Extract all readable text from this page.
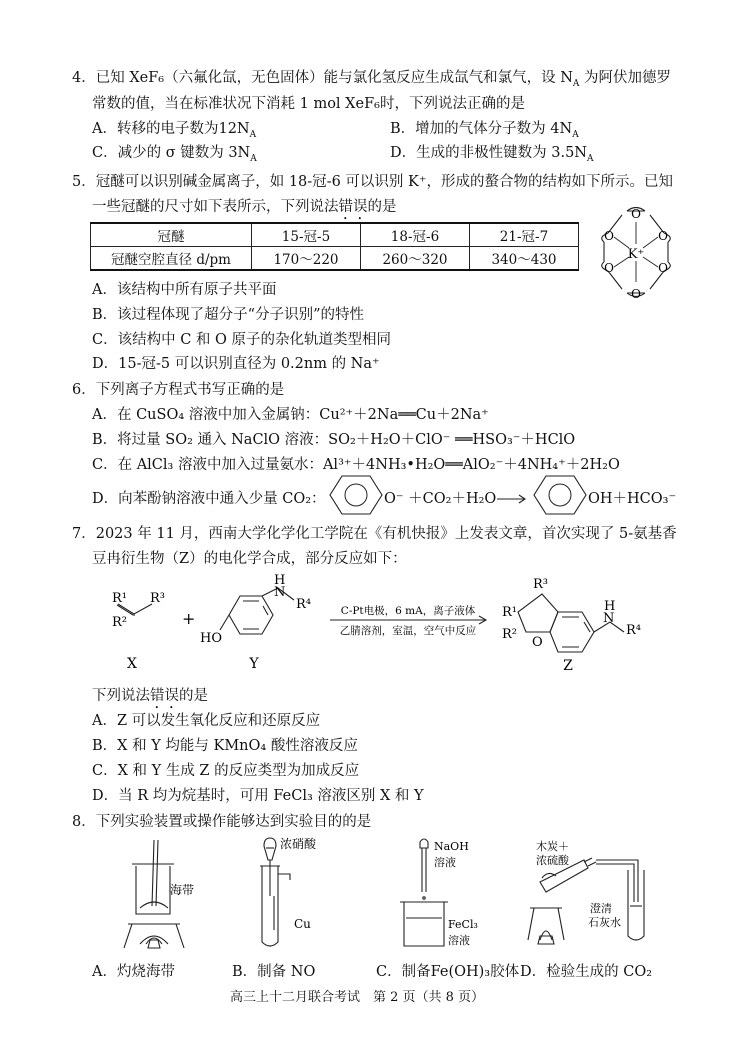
4．已知 XeF₆（六氟化氙，无色固体）能与氯化氢反应生成氙气和氯气，设 $N_A$ 为阿伏加德罗
常数的值，当在标准状况下消耗 1 mol XeF₆时，下列说法正确的是
A．转移的电子数为$12N_A$	B．增加的气体分子数为 $4N_A$
C．减少的 σ 键数为 $3N_A$	D．生成的非极性键数为 $3.5N_A$
5．冠醚可以识别碱金属离子，如 18-冠-6 可以识别 K⁺，形成的螯合物的结构如下所示。已知
一些冠醚的尺寸如下表所示，下列说法错误的是
冠醚	15-冠-5	18-冠-6	21-冠-7
冠醚空腔直径 d/pm	170～220	260～320	340～430
O
O
O
O
O
O
K⁺
A．该结构中所有原子共平面
B．该过程体现了超分子“分子识别”的特性
C．该结构中 C 和 O 原子的杂化轨道类型相同
D．15-冠-5 可以识别直径为 0.2nm 的 Na⁺
6．下列离子方程式书写正确的是
A．在 CuSO₄ 溶液中加入金属钠：Cu²⁺＋2Na══Cu＋2Na⁺
B．将过量 SO₂ 通入 NaClO 溶液：SO₂＋H₂O＋ClO⁻ ══HSO₃⁻＋HClO
C．在 AlCl₃ 溶液中加入过量氨水：Al³⁺＋4NH₃•H₂O══AlO₂⁻＋4NH₄⁺＋2H₂O
D．向苯酚钠溶液中通入少量 CO₂：	O⁻ ＋CO₂＋H₂O →	OH＋HCO₃⁻
7．2023 年 11 月，西南大学化学化工学院在《有机快报》上发表文章，首次实现了 5-氨基香
豆冉衍生物（Z）的电化学合成，部分反应如下：
R¹ R³
R²	+
HO
H
N
R⁴	C-Pt电极，6 mA，离子液体
乙腈溶剂，室温，空气中反应
R³
R¹
R²
O
H
N
R⁴
X	Y	Z
下列说法错误的是
A．Z 可以发生氧化反应和还原反应
B．X 和 Y 均能与 KMnO₄ 酸性溶液反应
C．X 和 Y 生成 Z 的反应类型为加成反应
D．当 R 均为烷基时，可用 FeCl₃ 溶液区别 X 和 Y
8．下列实验装置或操作能够达到实验目的的是
海带
浓硝酸
Cu
NaOH
溶液
FeCl₃
溶液
木炭＋
浓硫酸
澄清
石灰水
A．灼烧海带	B．制备 NO	C．制备Fe(OH)₃胶体 D．检验生成的 CO₂
高三上十二月联合考试　第 2 页（共 8 页）
